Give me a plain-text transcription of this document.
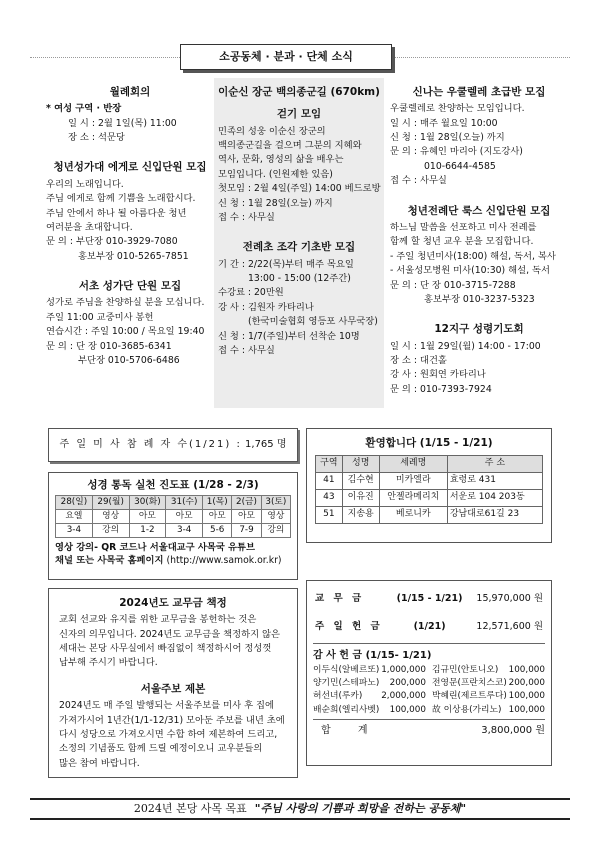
소공동체 · 분과 · 단체 소식
월례회의
* 여성 구역 · 반장
일 시 : 2월 1일(목) 11:00
장 소 : 석문당
청년성가대 에게로 신입단원 모집
우리의 노래입니다.
주님 에게로 함께 기쁨을 노래합시다.
주님 안에서 하나 될 아름다운 청년
여러분을 초대합니다.
문 의 : 부단장 010-3929-7080
홍보부장 010-5265-7851
서초 성가단 단원 모집
성가로 주님을 찬양하실 분을 모십니다.
주일 11:00 교중미사 봉헌
연습시간 : 주일 10:00 / 목요일 19:40
문 의 : 단 장 010-3685-6341
부단장 010-5706-6486
이순신 장군 백의종군길 (670km)
걷기 모임
민족의 성웅 이순신 장군의
백의종군길을 걸으며 그분의 지혜와
역사, 문화, 영성의 삶을 배우는
모임입니다. (인원제한 있음)
첫모임 : 2월 4일(주일) 14:00 베드로방
신 청 : 1월 28일(오늘) 까지
접 수 : 사무실
전례초 조각 기초반 모집
기 간 : 2/22(목)부터 매주 목요일
13:00 - 15:00 (12주간)
수강료 : 20만원
강 사 : 김원자 카타리나
(한국미술협회 영등포 사무국장)
신 청 : 1/7(주일)부터 선착순 10명
접 수 : 사무실
신나는 우쿨렐레 초급반 모집
우쿨렐레로 찬양하는 모임입니다.
일 시 : 매주 월요일 10:00
신 청 : 1월 28일(오늘) 까지
문 의 : 유혜인 마리아 (지도강사)
010-6644-4585
접 수 : 사무실
청년전례단 룩스 신입단원 모집
하느님 말씀을 선포하고 미사 전례를
함께 할 청년 교우 분을 모집합니다.
- 주일 청년미사(18:00) 해설, 독서, 복사
- 서울성모병원 미사(10:30) 해설, 독서
문 의 : 단 장 010-3715-7288
홍보부장 010-3237-5323
12지구 성령기도회
일 시 : 1월 29일(월) 14:00 - 17:00
장 소 : 대건홀
강 사 : 원회연 카타리나
문 의 : 010-7393-7924
주 일 미 사 참 례 자 수(1/21) : 1,765 명
성경 통독 실천 진도표 (1/28 - 2/3)
28(일)	29(월)	30(화)	31(수)	1(목)	2(금)	3(토)
요엘	영상	아모	아모	아모	아모	영상
3-4	강의	1-2	3-4	5-6	7-9	강의
영상 강의- QR 코드나 서울대교구 사목국 유튜브
채널 또는 사목국 홈페이지 (http://www.samok.or.kr)
환영합니다 (1/15 - 1/21)
구역	성명	세례명	주 소
41	김수현	미카엘라	효령로 431
43	이유진	안젤라메리치	서운로 104 203동
51	지송용	베로니카	강남대로61길 23
2024년도 교무금 책정
교회 선교와 유지를 위한 교무금을 봉헌하는 것은
신자의 의무입니다. 2024년도 교무금을 책정하지 않은
세대는 본당 사무실에서 빠짐없이 책정하시어 정성껏
납부해 주시기 바랍니다.
서울주보 제본
2024년도 매 주일 발행되는 서울주보를 미사 후 집에
가져가시어 1년간(1/1-12/31) 모아둔 주보를 내년 초에
다시 성당으로 가져오시면 수합 하여 제본하여 드리고,
소정의 기념품도 함께 드릴 예정이오니 교우분들의
많은 참여 바랍니다.
교 무 금	(1/15 - 1/21)	15,970,000 원
주 일 헌 금	(1/21)	12,571,600 원
감 사 헌 금 (1/15- 1/21)
이두식(알베르또)	1,000,000	김규민(안토니오)	100,000
양기민(스테파노)	200,000	전영문(프란치스코)	200,000
허선녀(루카)	2,000,000	박혜린(제르트루다)	100,000
배순희(엘리사벳)	100,000	故 이상용(가리노)	100,000
합 계	3,800,000 원
2024년 본당 사목 목표 "주님 사랑의 기쁨과 희망을 전하는 공동체"
